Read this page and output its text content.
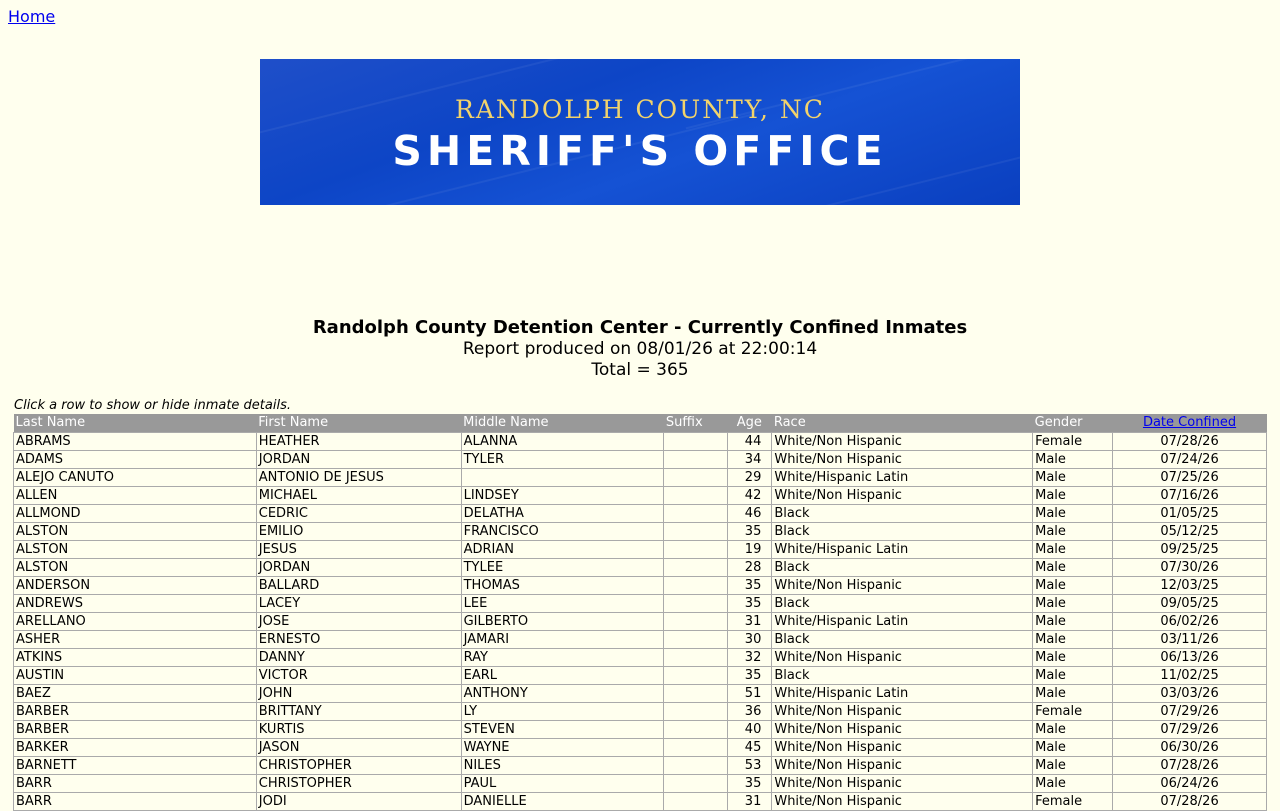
Home
RANDOLPH COUNTY, NC
SHERIFF'S OFFICE
Randolph County Detention Center - Currently Confined Inmates
Report produced on 08/01/26 at 22:00:14
Total = 365
Click a row to show or hide inmate details.
Last Name	First Name	Middle Name	Suffix	Age	Race	Gender	Date Confined
ABRAMS	HEATHER	ALANNA		44	White/Non Hispanic	Female	07/28/26
ADAMS	JORDAN	TYLER		34	White/Non Hispanic	Male	07/24/26
ALEJO CANUTO	ANTONIO DE JESUS			29	White/Hispanic Latin	Male	07/25/26
ALLEN	MICHAEL	LINDSEY		42	White/Non Hispanic	Male	07/16/26
ALLMOND	CEDRIC	DELATHA		46	Black	Male	01/05/25
ALSTON	EMILIO	FRANCISCO		35	Black	Male	05/12/25
ALSTON	JESUS	ADRIAN		19	White/Hispanic Latin	Male	09/25/25
ALSTON	JORDAN	TYLEE		28	Black	Male	07/30/26
ANDERSON	BALLARD	THOMAS		35	White/Non Hispanic	Male	12/03/25
ANDREWS	LACEY	LEE		35	Black	Male	09/05/25
ARELLANO	JOSE	GILBERTO		31	White/Hispanic Latin	Male	06/02/26
ASHER	ERNESTO	JAMARI		30	Black	Male	03/11/26
ATKINS	DANNY	RAY		32	White/Non Hispanic	Male	06/13/26
AUSTIN	VICTOR	EARL		35	Black	Male	11/02/25
BAEZ	JOHN	ANTHONY		51	White/Hispanic Latin	Male	03/03/26
BARBER	BRITTANY	LY		36	White/Non Hispanic	Female	07/29/26
BARBER	KURTIS	STEVEN		40	White/Non Hispanic	Male	07/29/26
BARKER	JASON	WAYNE		45	White/Non Hispanic	Male	06/30/26
BARNETT	CHRISTOPHER	NILES		53	White/Non Hispanic	Male	07/28/26
BARR	CHRISTOPHER	PAUL		35	White/Non Hispanic	Male	06/24/26
BARR	JODI	DANIELLE		31	White/Non Hispanic	Female	07/28/26
